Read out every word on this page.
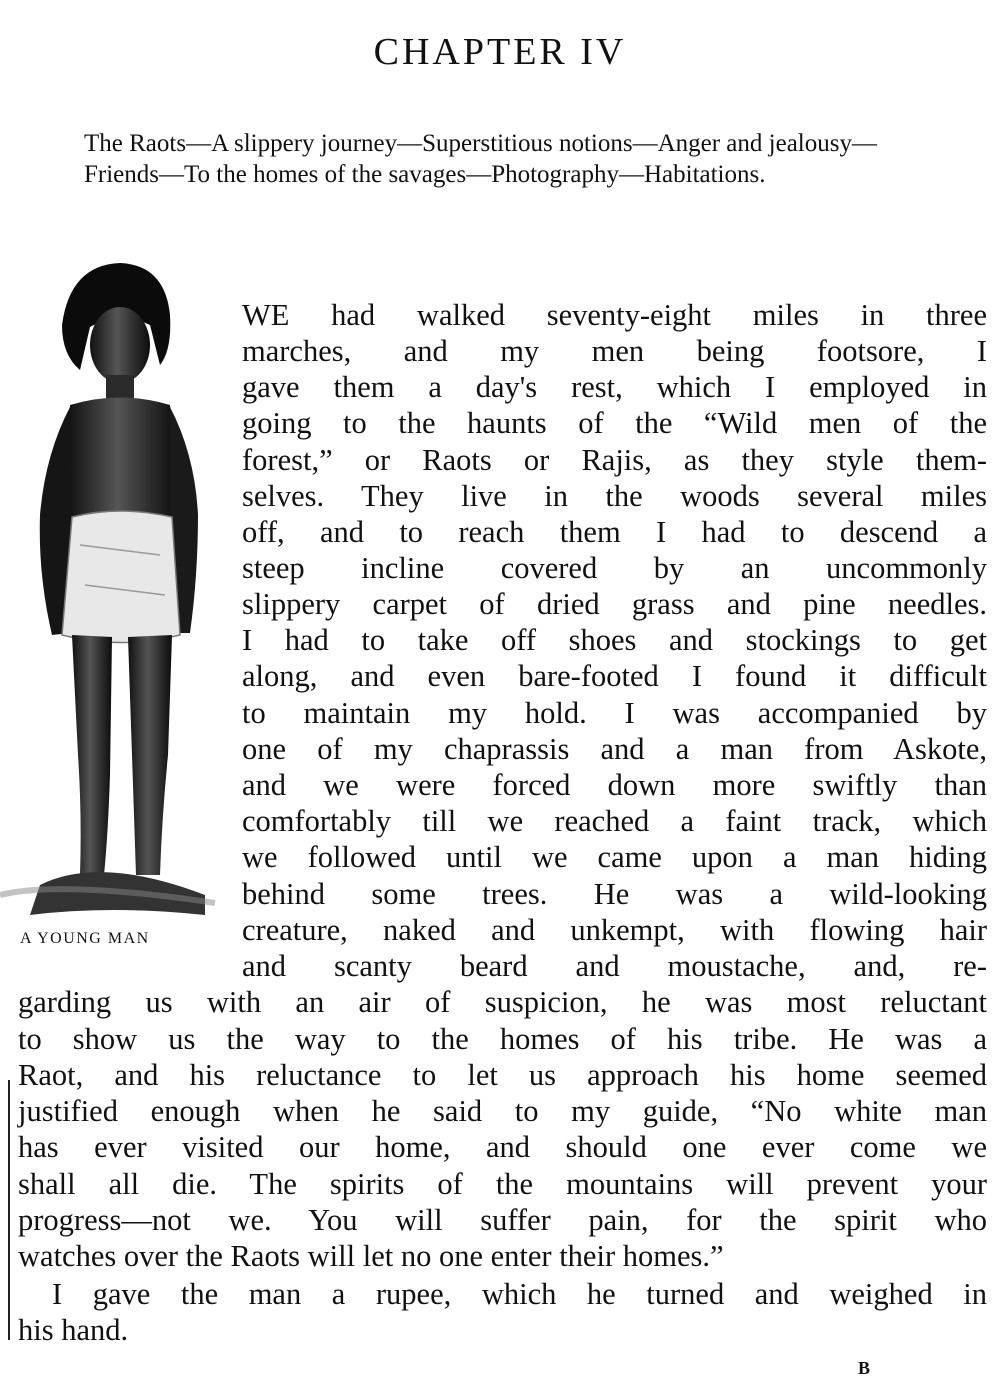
CHAPTER IV

The Raots—A slippery journey—Superstitious notions—Anger and jealousy—Friends—To the homes of the savages—Photography—Habitations.

A YOUNG MAN

WE had walked seventy-eight miles in three

marches, and my men being footsore, I

gave them a day's rest, which I employed in

going to the haunts of the “Wild men of the

forest,” or Raots or Rajis, as they style them-

selves. They live in the woods several miles

off, and to reach them I had to descend a

steep incline covered by an uncommonly

slippery carpet of dried grass and pine needles.

I had to take off shoes and stockings to get

along, and even bare-footed I found it difficult

to maintain my hold. I was accompanied by

one of my chaprassis and a man from Askote,

and we were forced down more swiftly than

comfortably till we reached a faint track, which

we followed until we came upon a man hiding

behind some trees. He was a wild-looking

creature, naked and unkempt, with flowing hair

and scanty beard and moustache, and, re-

garding us with an air of suspicion, he was most reluctant

to show us the way to the homes of his tribe. He was a

Raot, and his reluctance to let us approach his home seemed

justified enough when he said to my guide, “No white man

has ever visited our home, and should one ever come we

shall all die. The spirits of the mountains will prevent your

progress—not we. You will suffer pain, for the spirit who

watches over the Raots will let no one enter their homes.”

I gave the man a rupee, which he turned and weighed in

his hand.

B
